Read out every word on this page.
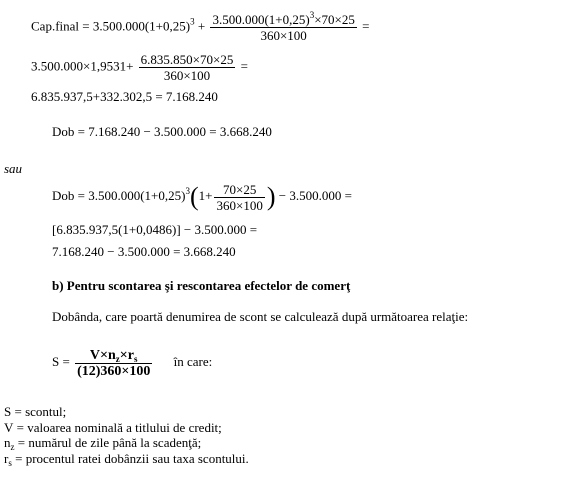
Cap.final = $3.500.000(1+0,25)^3 + \frac{3.500.000(1+0,25)^3\times 70\times 25}{360\times 100}$ =
$3.500.000\times 1,9531+ \frac{6.835.850\times 70\times 25}{360\times 100}$ =
6.835.937,5+332.302,5 = 7.168.240
Dob = 7.168.240 − 3.500.000 = 3.668.240
sau
Dob = $3.500.000(1+0,25)^3(1+ \frac{70\times 25}{360\times 100}$ ) − 3.500.000 =
[6.835.937,5(1+0,0486)] − 3.500.000 =
7.168.240 − 3.500.000 = 3.668.240
b) Pentru scontarea şi rescontarea efectelor de comerţ
Dobânda, care poartă denumirea de scont se calculează după următoarea relaţie:
$S = \frac{V\times n_z\times r_s}{(12)360\times 100}$ în care:
S = scontul;
V = valoarea nominală a titlului de credit;
$n_z$ = numărul de zile până la scadenţă;
$r_s$ = procentul ratei dobânzii sau taxa scontului.
